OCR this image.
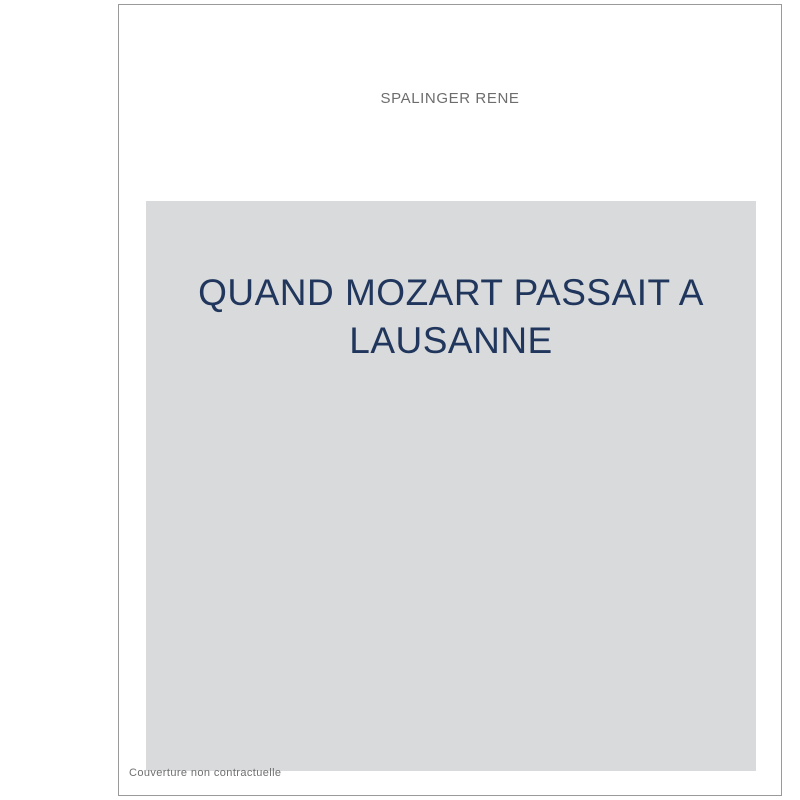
SPALINGER RENE
QUAND MOZART PASSAIT A LAUSANNE
Couverture non contractuelle
